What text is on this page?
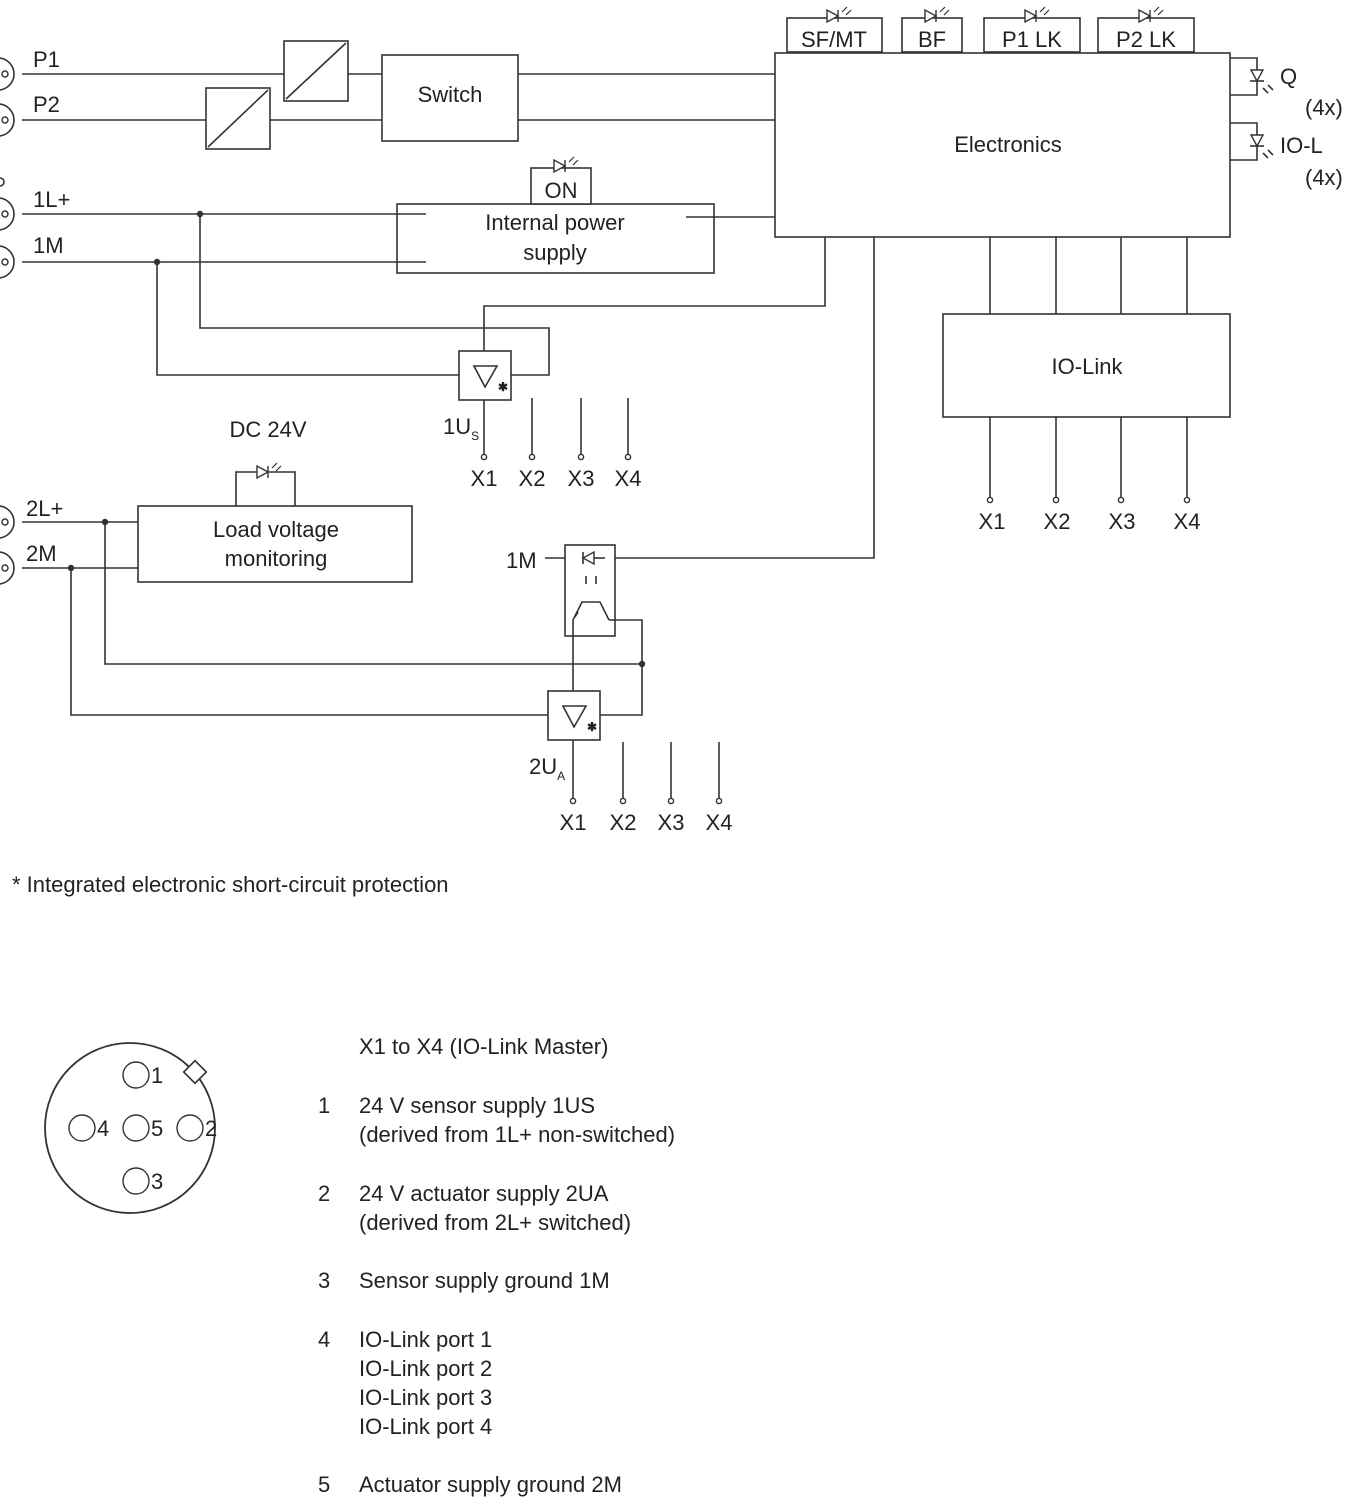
P1
P2	Switch
SF/MT BF	P1 LK P2 LK
Electronics
Q
(4x)
IO-L
(4x)
1L+
1M
Internal power
supply
ON
✱
$1U_S$
X1 X2 X3 X4
IO-Link
X1 X2 X3 X4
DC 24V
2L+
2M
Load voltage
monitoring	1M
✱
$2U_A$
X1 X2 X3 X4
* Integrated electronic short-circuit protection
1
4 5 2
3
X1 to X4 (IO-Link Master)
1 24 V sensor supply 1US
(derived from 1L+ non-switched)
2 24 V actuator supply 2UA
(derived from 2L+ switched)
3 Sensor supply ground 1M
4 IO-Link port 1
IO-Link port 2
IO-Link port 3
IO-Link port 4
5 Actuator supply ground 2M
